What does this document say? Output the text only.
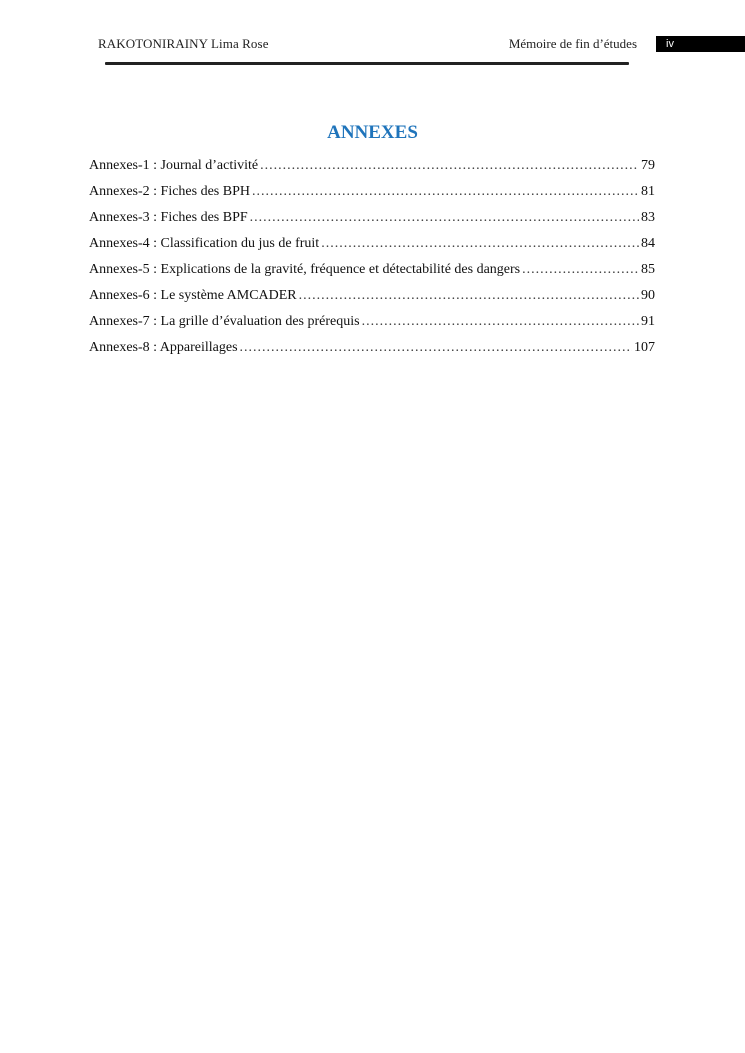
RAKOTONIRAINY Lima Rose	Mémoire de fin d’études	iv
ANNEXES
Annexes-1 : Journal d’activité .....	79
Annexes-2 : Fiches des BPH .....	81
Annexes-3 : Fiches des BPF .....	83
Annexes-4 : Classification du jus de fruit .....	84
Annexes-5 : Explications de la gravité, fréquence et détectabilité des dangers .....	85
Annexes-6 : Le système AMCADER .....	90
Annexes-7 : La grille d’évaluation des prérequis .....	91
Annexes-8 : Appareillages .....	107
